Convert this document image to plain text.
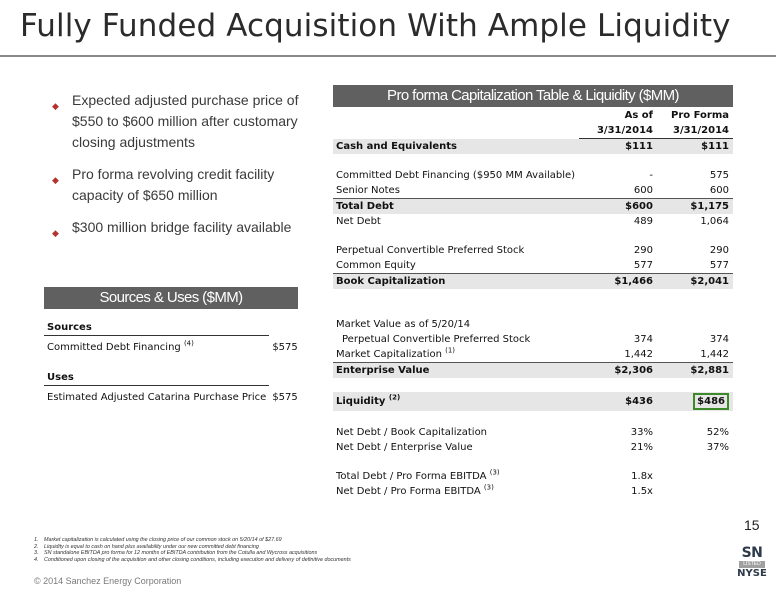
Fully Funded Acquisition With Ample Liquidity
◆ Expected adjusted purchase price of $550 to $600 million after customary closing adjustments
◆ Pro forma revolving credit facility capacity of $650 million
◆ $300 million bridge facility available
Pro forma Capitalization Table & Liquidity ($MM)
	As of	Pro Forma
	3/31/2014	3/31/2014
Cash and Equivalents	$111	$111

Committed Debt Financing ($950 MM Available)	-	575
Senior Notes	600	600
Total Debt	$600	$1,175
Net Debt	489	1,064

Perpetual Convertible Preferred Stock	290	290
Common Equity	577	577
Book Capitalization	$1,466	$2,041

Market Value as of 5/20/14		
Perpetual Convertible Preferred Stock	374	374
Market Capitalization $^{(1)}$	1,442	1,442
Enterprise Value	$2,306	$2,881

Liquidity $^{(2)}$	$436	$486

Net Debt / Book Capitalization	33%	52%
Net Debt / Enterprise Value	21%	37%

Total Debt / Pro Forma EBITDA $^{(3)}$	1.8x	
Net Debt / Pro Forma EBITDA $^{(3)}$	1.5x	
Sources & Uses ($MM)
Sources	
Committed Debt Financing $^{(4)}$	$575

Uses	
Estimated Adjusted Catarina Purchase Price	$575
1. Market capitalization is calculated using the closing price of our common stock on 5/20/14 of $27.69
2. Liquidity is equal to cash on hand plus availability under our new committed debt financing
3. SN standalone EBITDA pro forma for 12 months of EBITDA contribution from the Cotulla and Wycross acquisitions
4. Conditioned upon closing of the acquisition and other closing conditions, including execution and delivery of definitive documents
© 2014 Sanchez Energy Corporation
15
SN
LISTED
NYSE
